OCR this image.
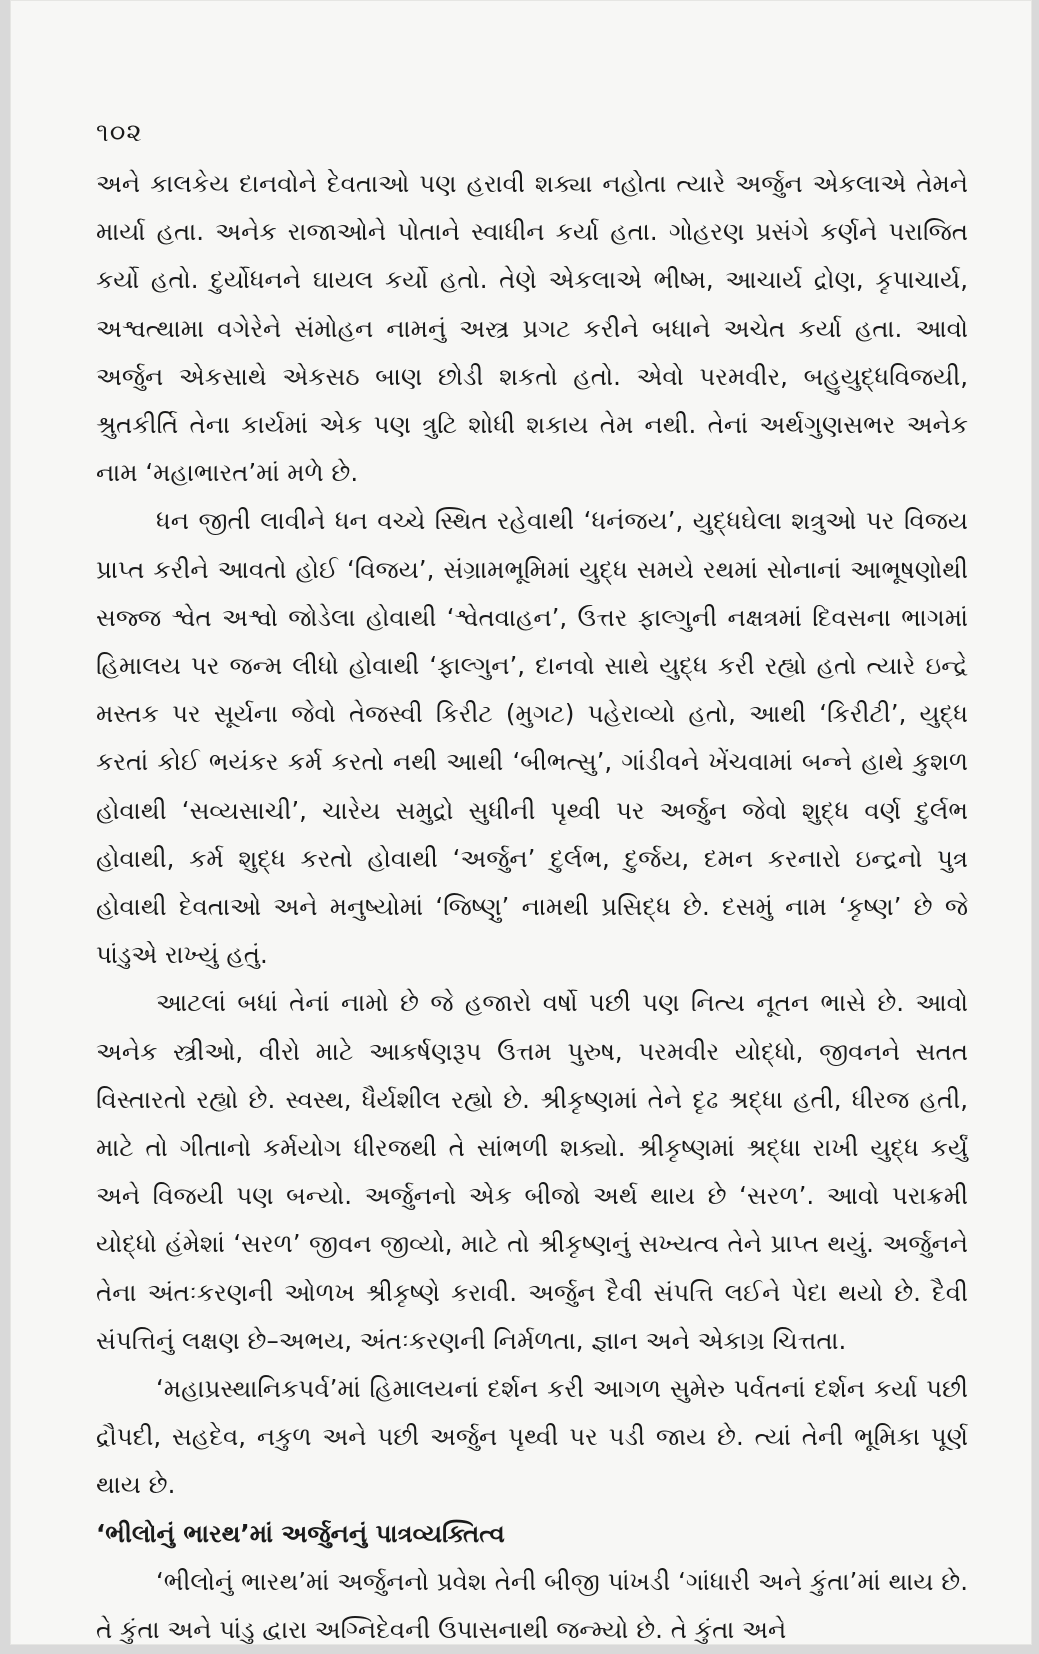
૧૦૨

અને કાલકેય દાનવોને દેવતાઓ પણ હરાવી શક્યા નહોતા ત્યારે અર્જુન એકલાએ તેમને માર્યા હતા. અનેક રાજાઓને પોતાને સ્વાધીન કર્યા હતા. ગોહરણ પ્રસંગે કર્ણને પરાજિત કર્યો હતો. દુર્યોધનને ઘાયલ કર્યો હતો. તેણે એકલાએ ભીષ્મ, આચાર્ય દ્રોણ, કૃપાચાર્ય, અશ્વત્થામા વગેરેને સંમોહન નામનું અસ્ત્ર પ્રગટ કરીને બધાને અચેત કર્યા હતા. આવો અર્જુન એકસાથે એકસઠ બાણ છોડી શકતો હતો. એવો પરમવીર, બહુયુદ્ધવિજયી, શ્રુતકીર્તિ તેના કાર્યમાં એક પણ ત્રુટિ શોધી શકાય તેમ નથી. તેનાં અર્થગુણસભર અનેક નામ ‘મહાભારત’માં મળે છે.

ધન જીતી લાવીને ધન વચ્ચે સ્થિત રહેવાથી ‘ધનંજય’, યુદ્ધઘેલા શત્રુઓ પર વિજય પ્રાપ્ત કરીને આવતો હોઈ ‘વિજય’, સંગ્રામભૂમિમાં યુદ્ધ સમયે રથમાં સોનાનાં આભૂષણોથી સજ્જ શ્વેત અશ્વો જોડેલા હોવાથી ‘શ્વેતવાહન’, ઉત્તર ફાલ્ગુની નક્ષત્રમાં દિવસના ભાગમાં હિમાલય પર જન્મ લીધો હોવાથી ‘ફાલ્ગુન’, દાનવો સાથે યુદ્ધ કરી રહ્યો હતો ત્યારે ઇન્દ્રે મસ્તક પર સૂર્યના જેવો તેજસ્વી કિરીટ (મુગટ) પહેરાવ્યો હતો, આથી ‘કિરીટી’, યુદ્ધ કરતાં કોઈ ભયંકર કર્મ કરતો નથી આથી ‘બીભત્સુ’, ગાંડીવને ખેંચવામાં બન્ને હાથે કુશળ હોવાથી ‘સવ્યસાચી’, ચારેય સમુદ્રો સુધીની પૃથ્વી પર અર્જુન જેવો શુદ્ધ વર્ણ દુર્લભ હોવાથી, કર્મ શુદ્ધ કરતો હોવાથી ‘અર્જુન’ દુર્લભ, દુર્જય, દમન કરનારો ઇન્દ્રનો પુત્ર હોવાથી દેવતાઓ અને મનુષ્યોમાં ‘જિષ્ણુ’ નામથી પ્રસિદ્ધ છે. દસમું નામ ‘કૃષ્ણ’ છે જે પાંડુએ રાખ્યું હતું.

આટલાં બધાં તેનાં નામો છે જે હજારો વર્ષો પછી પણ નિત્ય નૂતન ભાસે છે. આવો અનેક સ્ત્રીઓ, વીરો માટે આકર્ષણરૂપ ઉત્તમ પુરુષ, પરમવીર યોદ્ધો, જીવનને સતત વિસ્તારતો રહ્યો છે. સ્વસ્થ, ધૈર્યશીલ રહ્યો છે. શ્રીકૃષ્ણમાં તેને દૃઢ શ્રદ્ધા હતી, ધીરજ હતી, માટે તો ગીતાનો કર્મયોગ ધીરજથી તે સાંભળી શક્યો. શ્રીકૃષ્ણમાં શ્રદ્ધા રાખી યુદ્ધ કર્યું અને વિજયી પણ બન્યો. અર્જુનનો એક બીજો અર્થ થાય છે ‘સરળ’. આવો પરાક્રમી યોદ્ધો હંમેશાં ‘સરળ’ જીવન જીવ્યો, માટે તો શ્રીકૃષ્ણનું સખ્યત્વ તેને પ્રાપ્ત થયું. અર્જુનને તેના અંતઃકરણની ઓળખ શ્રીકૃષ્ણે કરાવી. અર્જુન દૈવી સંપત્તિ લઈને પેદા થયો છે. દૈવી સંપત્તિનું લક્ષણ છે–અભય, અંતઃકરણની નિર્મળતા, જ્ઞાન અને એકાગ્ર ચિત્તતા.

‘મહાપ્રસ્થાનિકપર્વ’માં હિમાલયનાં દર્શન કરી આગળ સુમેરુ પર્વતનાં દર્શન કર્યા પછી દ્રૌપદી, સહદેવ, નકુળ અને પછી અર્જુન પૃથ્વી પર પડી જાય છે. ત્યાં તેની ભૂમિકા પૂર્ણ થાય છે.

‘ભીલોનું ભારથ’માં અર્જુનનું પાત્રવ્યક્તિત્વ

‘ભીલોનું ભારથ’માં અર્જુનનો પ્રવેશ તેની બીજી પાંખડી ‘ગાંધારી અને કુંતા’માં થાય છે. તે કુંતા અને પાંડુ દ્વારા અગ્નિદેવની ઉપાસનાથી જન્મ્યો છે. તે કુંતા અને
